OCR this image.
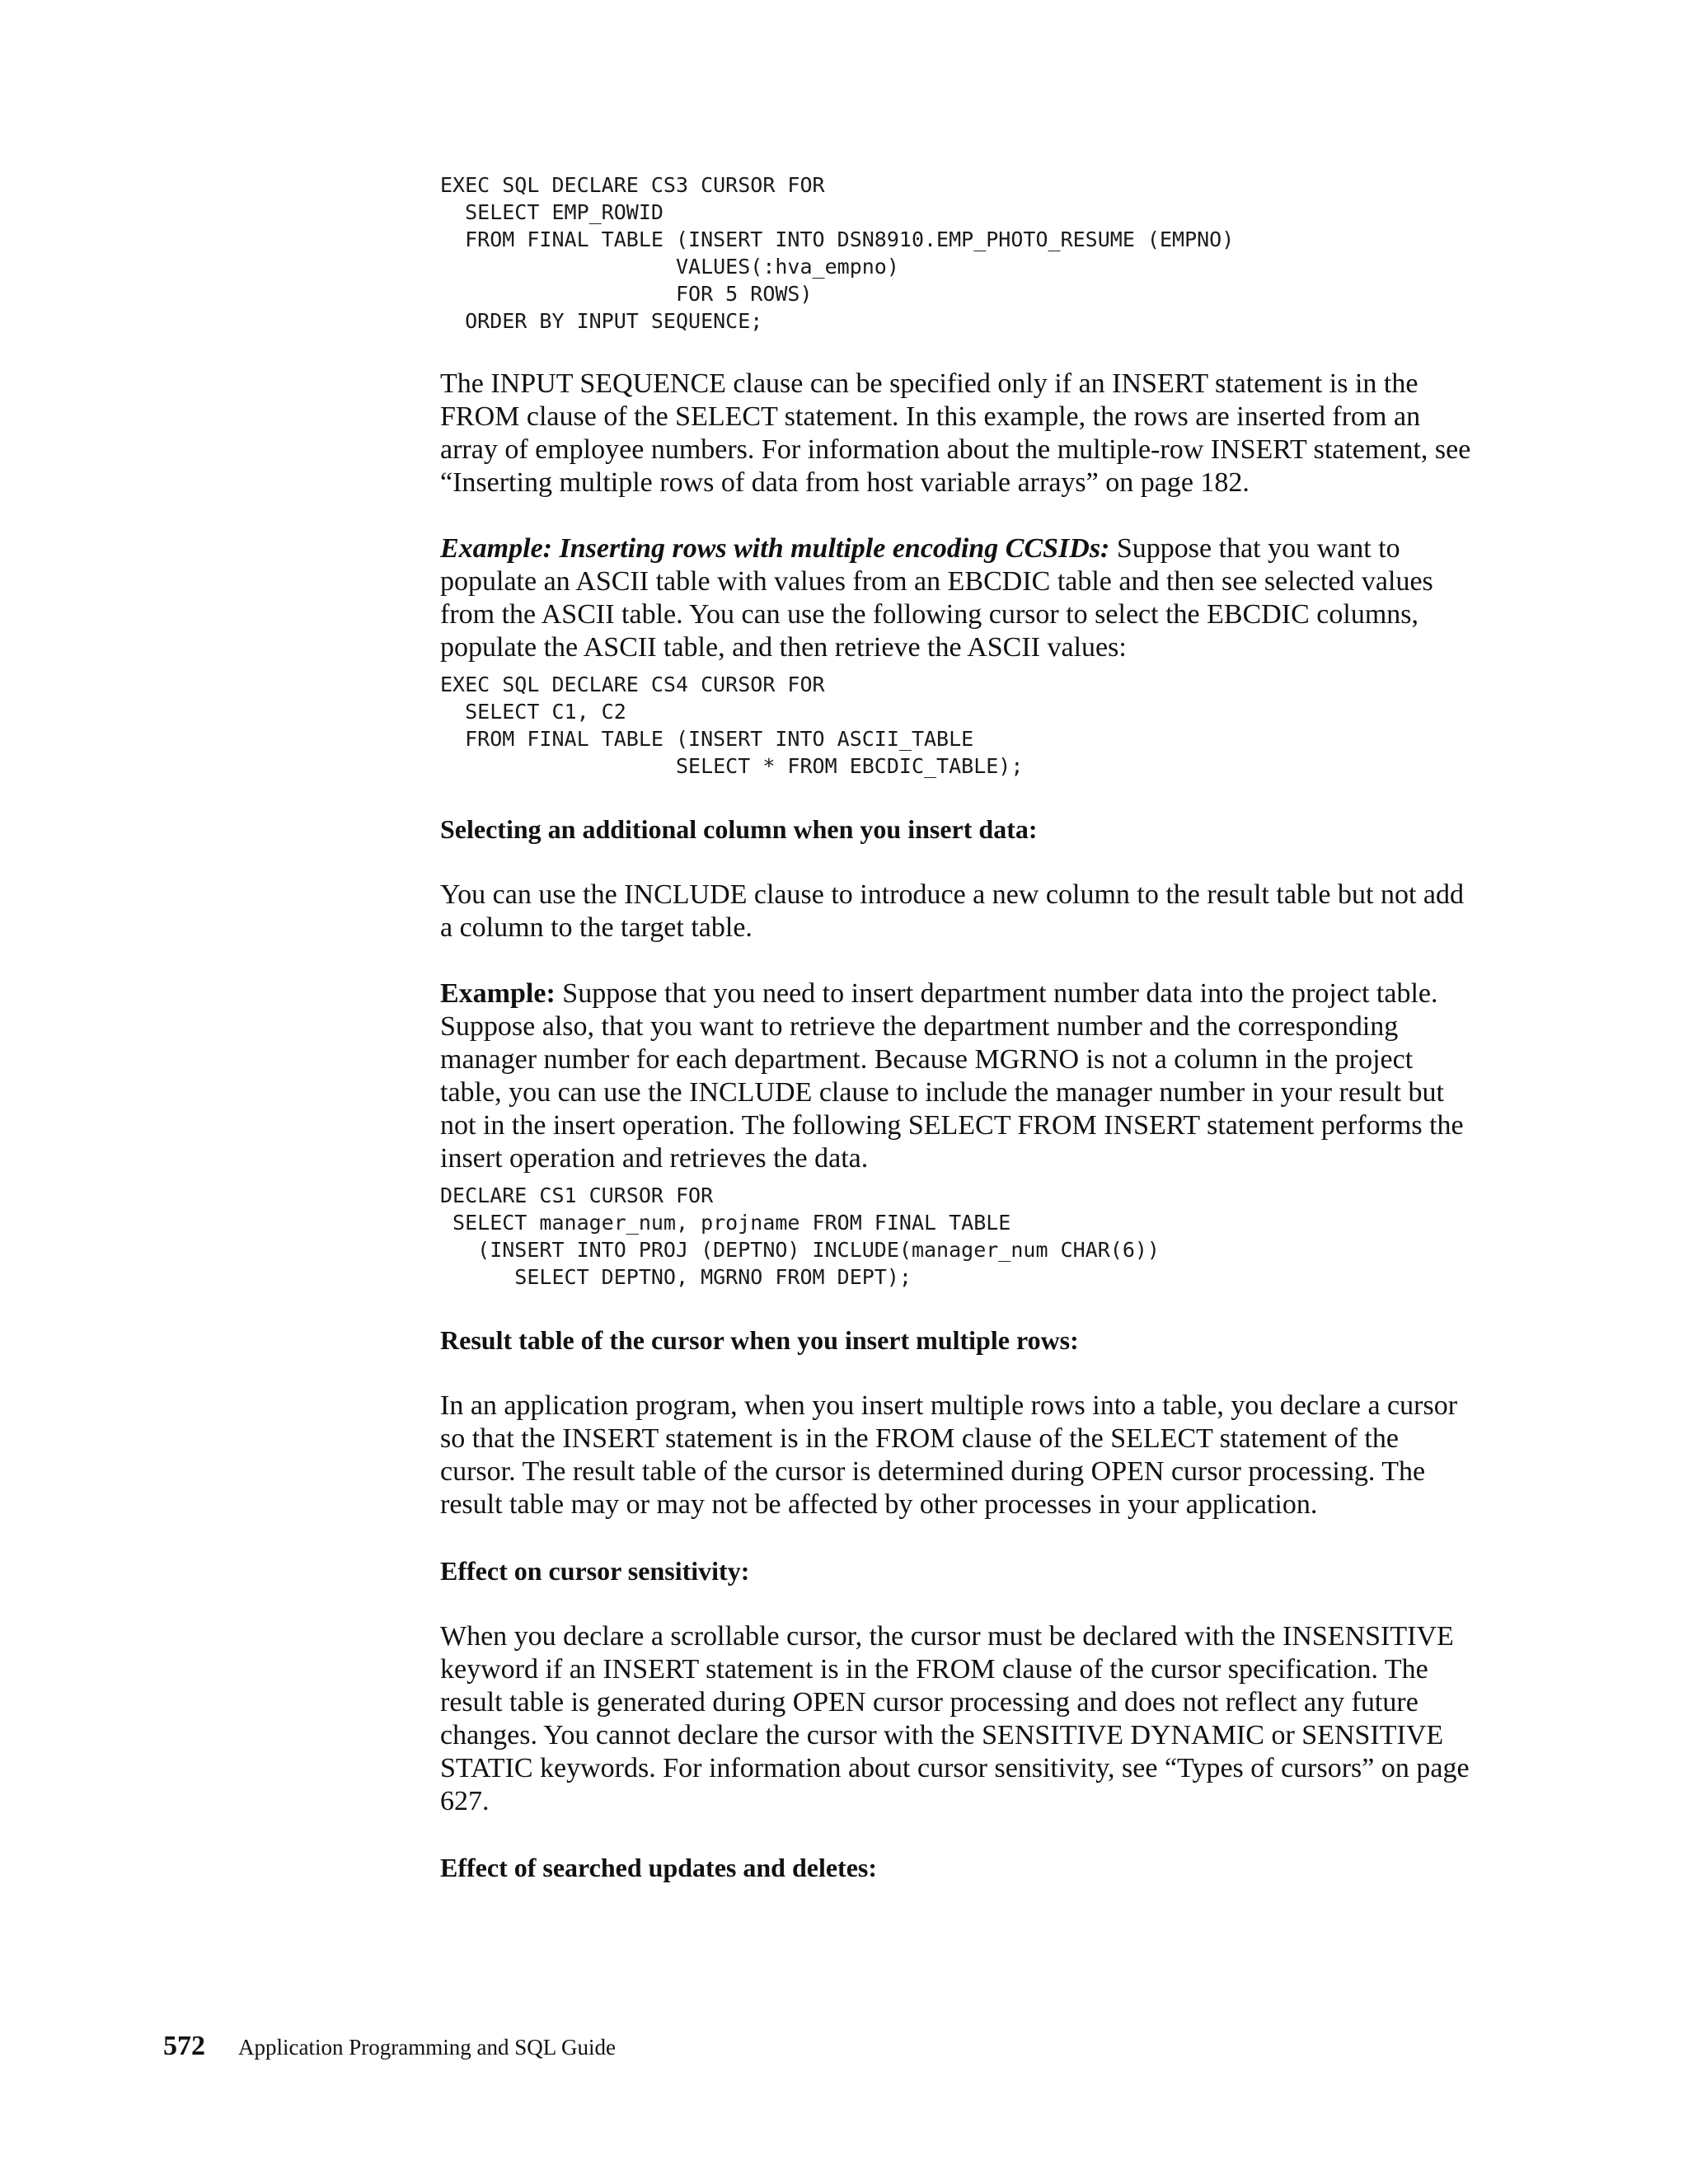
EXEC SQL DECLARE CS3 CURSOR FOR
SELECT EMP_ROWID
FROM FINAL TABLE (INSERT INTO DSN8910.EMP_PHOTO_RESUME (EMPNO)
VALUES(:hva_empno)
FOR 5 ROWS)
ORDER BY INPUT SEQUENCE;

The INPUT SEQUENCE clause can be specified only if an INSERT statement is in the FROM clause of the SELECT statement. In this example, the rows are inserted from an array of employee numbers. For information about the multiple-row INSERT statement, see “Inserting multiple rows of data from host variable arrays” on page 182.

Example: Inserting rows with multiple encoding CCSIDs: Suppose that you want to populate an ASCII table with values from an EBCDIC table and then see selected values from the ASCII table. You can use the following cursor to select the EBCDIC columns, populate the ASCII table, and then retrieve the ASCII values:

EXEC SQL DECLARE CS4 CURSOR FOR
SELECT C1, C2
FROM FINAL TABLE (INSERT INTO ASCII_TABLE
SELECT * FROM EBCDIC_TABLE);

Selecting an additional column when you insert data:

You can use the INCLUDE clause to introduce a new column to the result table but not add a column to the target table.

Example: Suppose that you need to insert department number data into the project table. Suppose also, that you want to retrieve the department number and the corresponding manager number for each department. Because MGRNO is not a column in the project table, you can use the INCLUDE clause to include the manager number in your result but not in the insert operation. The following SELECT FROM INSERT statement performs the insert operation and retrieves the data.

DECLARE CS1 CURSOR FOR
SELECT manager_num, projname FROM FINAL TABLE
(INSERT INTO PROJ (DEPTNO) INCLUDE(manager_num CHAR(6))
SELECT DEPTNO, MGRNO FROM DEPT);

Result table of the cursor when you insert multiple rows:

In an application program, when you insert multiple rows into a table, you declare a cursor so that the INSERT statement is in the FROM clause of the SELECT statement of the cursor. The result table of the cursor is determined during OPEN cursor processing. The result table may or may not be affected by other processes in your application.

Effect on cursor sensitivity:

When you declare a scrollable cursor, the cursor must be declared with the INSENSITIVE keyword if an INSERT statement is in the FROM clause of the cursor specification. The result table is generated during OPEN cursor processing and does not reflect any future changes. You cannot declare the cursor with the SENSITIVE DYNAMIC or SENSITIVE STATIC keywords. For information about cursor sensitivity, see “Types of cursors” on page 627.

Effect of searched updates and deletes:

572 Application Programming and SQL Guide
